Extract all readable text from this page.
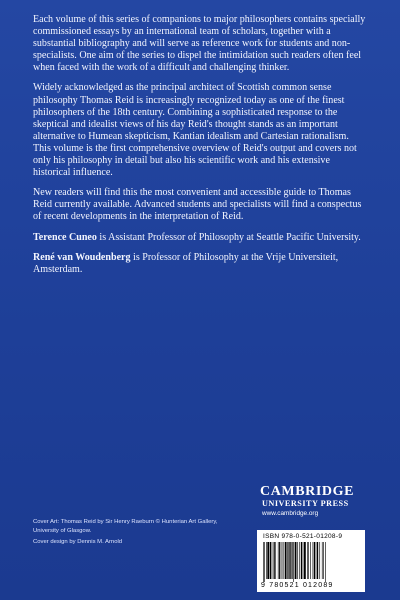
Each volume of this series of companions to major philosophers contains specially commissioned essays by an international team of scholars, together with a substantial bibliography and will serve as reference work for students and non-specialists. One aim of the series to dispel the intimidation such readers often feel when faced with the work of a difficult and challenging thinker.

Widely acknowledged as the principal architect of Scottish common sense philosophy Thomas Reid is increasingly recognized today as one of the finest philosophers of the 18th century. Combining a sophisticated response to the skeptical and idealist views of his day Reid's thought stands as an important alternative to Humean skepticism, Kantian idealism and Cartesian rationalism. This volume is the first comprehensive overview of Reid's output and covers not only his philosophy in detail but also his scientific work and his extensive historical influence.

New readers will find this the most convenient and accessible guide to Thomas Reid currently available. Advanced students and specialists will find a conspectus of recent developments in the interpretation of Reid.

Terence Cuneo is Assistant Professor of Philosophy at Seattle Pacific University.

René van Woudenberg is Professor of Philosophy at the Vrije Universiteit, Amsterdam.

CAMBRIDGE
UNIVERSITY PRESS
www.cambridge.org

Cover Art: Thomas Reid by Sir Henry Raeburn © Hunterian Art Gallery, University of Glasgow.

Cover design by Dennis M. Arnold

ISBN 978-0-521-01208-9
9 780521 012089
